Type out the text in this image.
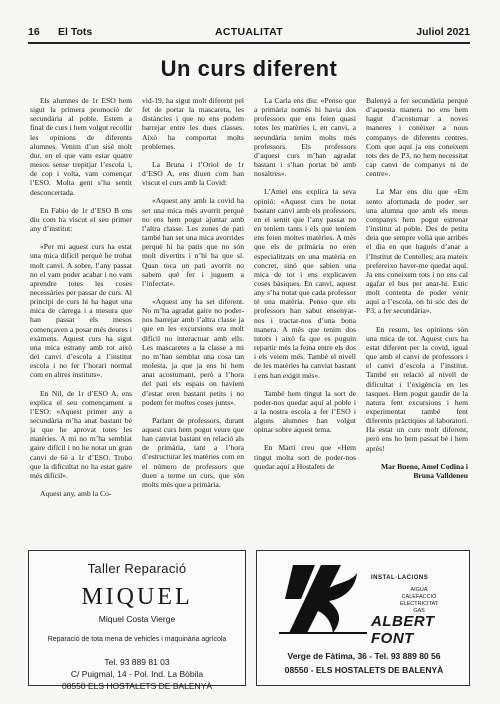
16 El Tots	ACTUALITAT	Juliol 2021
Un curs diferent

Els alumnes de 1r ESO hem sigut la primera promoció de secundària al poble. Estem a final de curs i hem volgut recollir les opinions de diferents alumnes. Venim d’un sisè molt dur, en el que vam estar quatre mesos sense trepitjar l’escola i, de cop i volta, vam començar l’ESO. Molta gent s’ha sentit desconcertada.

En Fabio de 1r d’ESO B ens diu com ha viscut el seu primer any d’institut:

«Per mi aquest curs ha estat una mica difícil perquè he trobat molt canvi. A sobre, l’any passat no el vam poder acabar i no vam aprendre totes les coses necessàries per passar de curs. Al principi de curs hi ha hagut una mica de càrrega i a mesura que han passat els mesos començaven a posar més deures i exàmens. Aquest curs ha sigut una mica estrany amb tot això del canvi d’escola a l’institut escola i no fer l’horari normal com en altres instituts».

En Nil, de 1r d’ESO A, ens explica el seu començament a l’ESO: «Aquest primer any a secundària m’ha anat bastant bé ja que he aprovat totes les matèries. A mi no m’ha semblat gaire difícil i no he notat un gran canvi de 6è a 1r d’ESO. Trobo que la dificultat no ha estat gaire més difícil».

Aquest any, amb la Co-

vid-19, ha sigut molt diferent pel fet de portar la mascareta, les distàncies i que no ens podem barrejar entre les dues classes. Això ha comportat molts problemes.

La Bruna i l’Oriol de 1r d’ESO A, ens diuen com han viscut el curs amb la Covid:

«Aquest any amb la covid ha set una mica més avorrit perquè no ens hem pogut ajuntar amb l’altra classe. Les zones de pati també han set una mica avorrides perquè hi ha patis que no són molt divertits i n’hi ha que sí. Quan toca un pati avorrit no sabem què fer i juguem a l’infectat».

«Aquest any ha set diferent. No m’ha agradat gaire no poder-nos barrejar amb l’altra classe ja que en les excursions era molt difícil no interactuar amb ells. Les mascaretes a la classe a mi no m’han semblat una cosa tan molesta, ja que ja ens hi hem anat acostumant, però a l’hora del pati els espais on havíem d’estar eren bastant petits i no podem fer moltes coses junts».

Parlant de professors, durant aquest curs hem pogut veure que han canviat bastant en relació als de primària, tant a l’hora d’estructurar les matèries com en el número de professors que duen a terme un curs, que són molts més que a primària.

La Carla ens diu: «Penso que a primària només hi havia dos professors que ens feien quasi totes les matèries i, en canvi, a secundària tenim molts més professors. Els professors d’aquest curs m’han agradat bastant i s’han portat bé amb nosaltres».

L’Amel ens explica la seva opinió: «Aquest curs he notat bastant canvi amb els professors, en el sentit que l’any passat no en teníem tants i els que teníem ens feien moltes matèries. A més que els de primària no eren especialitzats en una matèria en concret, sinó que sabien una mica de tot i ens explicaven coses bàsiques. En canvi, aquest any s’ha notat que cada professor té una matèria. Penso que els professors han sabut ensenyar-nos i tractar-nos d’una bona manera. A més que tenim dos tutors i això fa que es puguin repartir més la feina entre els dos i els veiem més. També el nivell de les matèries ha canviat bastant i ens han exigit més».

També hem tingut la sort de poder-nos quedar aquí al poble i a la nostra escola a fer l’ESO i alguns alumnes han volgut opinar sobre aquest tema.

En Martí creu que «Hem tingut molta sort de poder-nos quedar aquí a Hostalets de

Balenyà a fer secundària perquè d’aquesta manera no ens hem hagut d’acostumar a noves maneres i conèixer a nous companys de diferents centres. Com que aquí ja ens coneixem tots des de P3, no hem necessitat cap canvi de companys ni de centre».

La Mar ens diu que «Em sento afortunada de poder ser una alumna que amb els meus companys hem pogut estrenar l’institut al poble. Des de petita deia que sempre volia que arribés el dia en que hagués d’anar a l’Institut de Centelles; ara mateix prefereixo haver-me quedat aquí. Ja ens coneixem tots i no ens cal agafar el bus per anar-hi. Estic molt contenta de poder venir aquí a l’escola, on hi sóc des de P3, a fer secundària».

En resum, les opinions són una mica de tot. Aquest curs ha estat diferent per la covid, igual que amb el canvi de professors i el canvi d’escola a l’institut. També en relació al nivell de dificultat i l’exigència en les tasques. Hem pogut gaudir de la natura fent excursions i hem experimentat també fent diferents pràctiques al laboratori. Ha estat un curs molt diferent, però ens ho hem passat bé i hem après!

Mar Bueno, Amel Codina i Bruna Valldeneu

Taller Reparació
MIQUEL
Miquel Costa Vierge
Reparació de tota mena de vehicles i maquinària agrícola
Tel. 93 889 81 03
C/ Puigmal, 14 - Pol. Ind. La Bòbila
08550 ELS HOSTALETS DE BALENYÀ
INSTAL·LACIONS
AIGUA
CALEFACCIÓ
ELECTRICITAT
GAS
ALBERT FONT
Verge de Fàtima, 36 - Tel. 93 889 80 56
08550 - ELS HOSTALETS DE BALENYÀ
